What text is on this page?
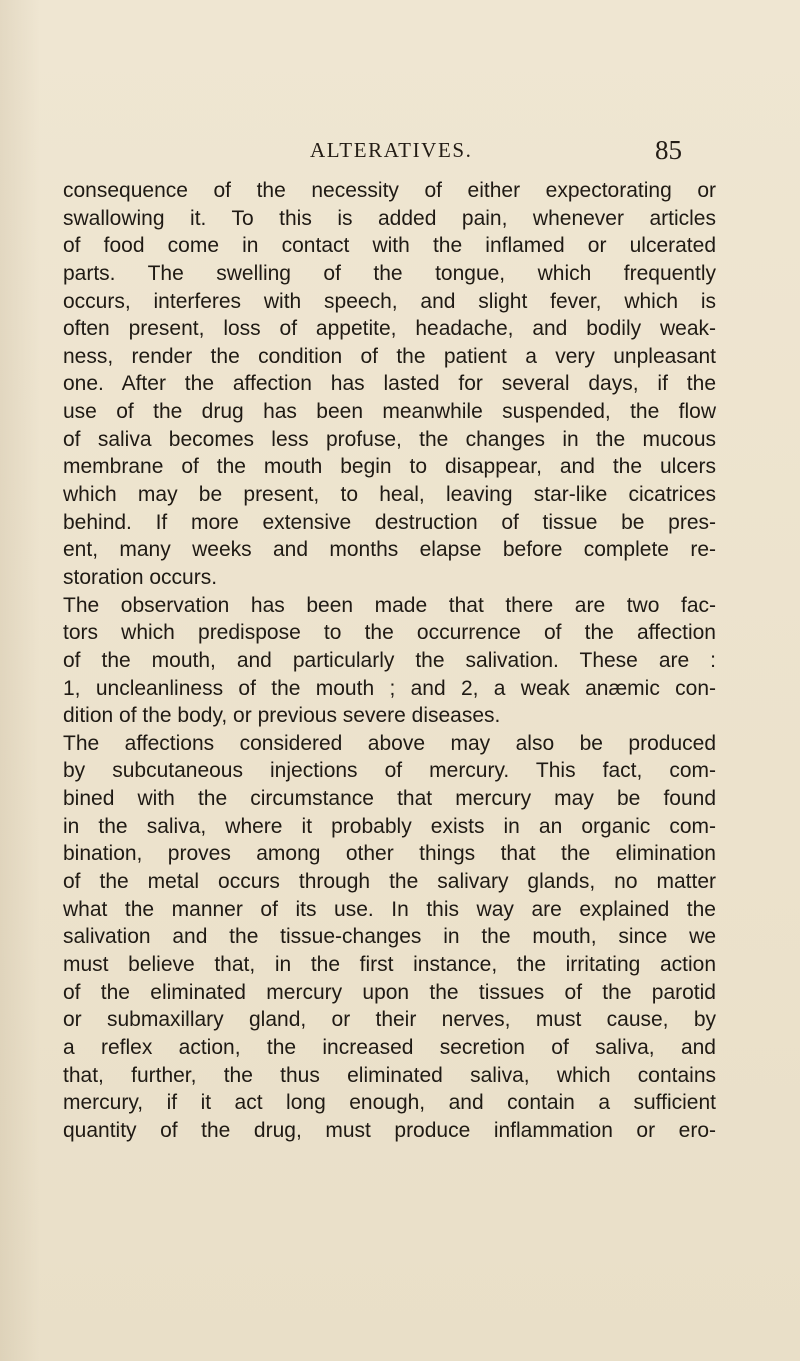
ALTERATIVES.	85
consequence of the necessity of either expectorating or
swallowing it. To this is added pain, whenever articles
of food come in contact with the inflamed or ulcerated
parts. The swelling of the tongue, which frequently
occurs, interferes with speech, and slight fever, which is
often present, loss of appetite, headache, and bodily weak-
ness, render the condition of the patient a very unpleasant
one. After the affection has lasted for several days, if the
use of the drug has been meanwhile suspended, the flow
of saliva becomes less profuse, the changes in the mucous
membrane of the mouth begin to disappear, and the ulcers
which may be present, to heal, leaving star-like cicatrices
behind. If more extensive destruction of tissue be pres-
ent, many weeks and months elapse before complete re-
storation occurs.
The observation has been made that there are two fac-
tors which predispose to the occurrence of the affection
of the mouth, and particularly the salivation. These are :
1, uncleanliness of the mouth ; and 2, a weak anæmic con-
dition of the body, or previous severe diseases.
The affections considered above may also be produced
by subcutaneous injections of mercury. This fact, com-
bined with the circumstance that mercury may be found
in the saliva, where it probably exists in an organic com-
bination, proves among other things that the elimination
of the metal occurs through the salivary glands, no matter
what the manner of its use. In this way are explained the
salivation and the tissue-changes in the mouth, since we
must believe that, in the first instance, the irritating action
of the eliminated mercury upon the tissues of the parotid
or submaxillary gland, or their nerves, must cause, by
a reflex action, the increased secretion of saliva, and
that, further, the thus eliminated saliva, which contains
mercury, if it act long enough, and contain a sufficient
quantity of the drug, must produce inflammation or ero-
